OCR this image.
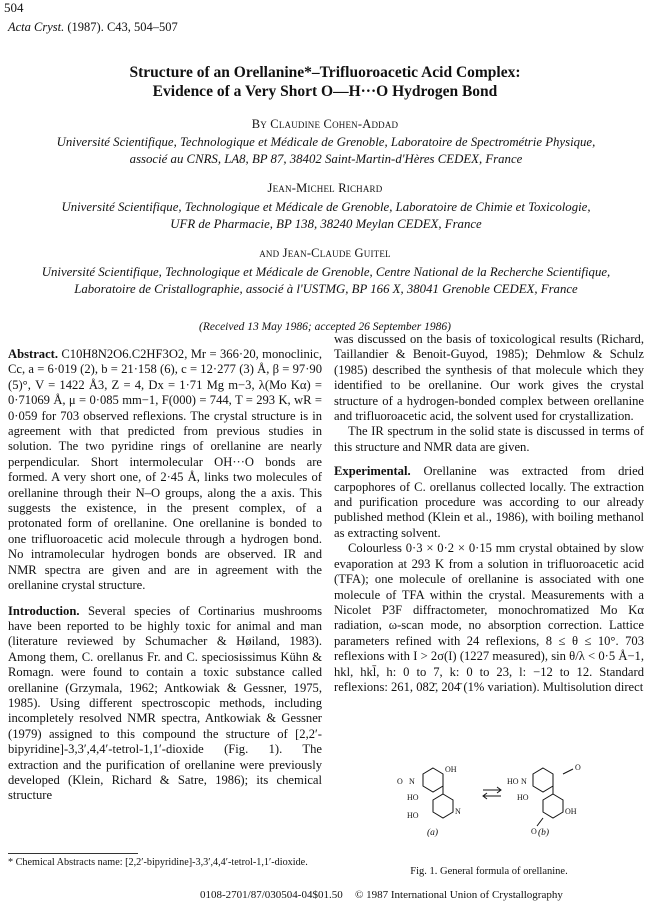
504
Acta Cryst. (1987). C43, 504–507
Structure of an Orellanine*–Trifluoroacetic Acid Complex:
Evidence of a Very Short O—H···O Hydrogen Bond
By Claudine Cohen-Addad
Université Scientifique, Technologique et Médicale de Grenoble, Laboratoire de Spectrométrie Physique,
associé au CNRS, LA8, BP 87, 38402 Saint-Martin-d'Hères CEDEX, France
Jean-Michel Richard
Université Scientifique, Technologique et Médicale de Grenoble, Laboratoire de Chimie et Toxicologie,
UFR de Pharmacie, BP 138, 38240 Meylan CEDEX, France
and Jean-Claude Guitel
Université Scientifique, Technologique et Médicale de Grenoble, Centre National de la Recherche Scientifique,
Laboratoire de Cristallographie, associé à l'USTMG, BP 166 X, 38041 Grenoble CEDEX, France
(Received 13 May 1986; accepted 26 September 1986)

Abstract. C10H8N2O6.C2HF3O2, Mr = 366·20, monoclinic, Cc, a = 6·019 (2), b = 21·158 (6), c = 12·277 (3) Å, β = 97·90 (5)°, V = 1422 Å3, Z = 4, Dx = 1·71 Mg m−3, λ(Mo Kα) = 0·71069 Å, μ = 0·085 mm−1, F(000) = 744, T = 293 K, wR = 0·059 for 703 observed reflexions. The crystal structure is in agreement with that predicted from previous studies in solution. The two pyridine rings of orellanine are nearly perpendicular. Short intermolecular OH···O bonds are formed. A very short one, of 2·45 Å, links two molecules of orellanine through their N–O groups, along the a axis. This suggests the existence, in the present complex, of a protonated form of orellanine. One orellanine is bonded to one trifluoroacetic acid molecule through a hydrogen bond. No intramolecular hydrogen bonds are observed. IR and NMR spectra are given and are in agreement with the orellanine crystal structure.

Introduction. Several species of Cortinarius mushrooms have been reported to be highly toxic for animal and man (literature reviewed by Schumacher & Høiland, 1983). Among them, C. orellanus Fr. and C. speciosissimus Kühn & Romagn. were found to contain a toxic substance called orellanine (Grzymala, 1962; Antkowiak & Gessner, 1975, 1985). Using different spectroscopic methods, including incompletely resolved NMR spectra, Antkowiak & Gessner (1979) assigned to this compound the structure of [2,2′-bipyridine]-3,3′,4,4′-tetrol-1,1′-dioxide (Fig. 1). The extraction and the purification of orellanine were previously developed (Klein, Richard & Satre, 1986); its chemical structure

was discussed on the basis of toxicological results (Richard, Taillandier & Benoit-Guyod, 1985); Dehmlow & Schulz (1985) described the synthesis of that molecule which they identified to be orellanine. Our work gives the crystal structure of a hydrogen-bonded complex between orellanine and trifluoroacetic acid, the solvent used for crystallization.

The IR spectrum in the solid state is discussed in terms of this structure and NMR data are given.

Experimental. Orellanine was extracted from dried carpophores of C. orellanus collected locally. The extraction and purification procedure was according to our already published method (Klein et al., 1986), with boiling methanol as extracting solvent.

Colourless 0·3 × 0·2 × 0·15 mm crystal obtained by slow evaporation at 293 K from a solution in trifluoroacetic acid (TFA); one molecule of orellanine is associated with one molecule of TFA within the crystal. Measurements with a Nicolet P3F diffractometer, monochromatized Mo Kα radiation, ω-scan mode, no absorption correction. Lattice parameters refined with 24 reflexions, 8 ≤ θ ≤ 10°. 703 reflexions with I > 2σ(I) (1227 measured), sin θ/λ < 0·5 Å−1, hkl, hkl̄, h: 0 to 7, k: 0 to 23, l: −12 to 12. Standard reflexions: 261, 082̄, 204̄ (1% variation). Multisolution direct

O N
OH
HO
HO	N
HO N
O
HO
OH
O
(a)	(b)
Fig. 1. General formula of orellanine.
* Chemical Abstracts name: [2,2′-bipyridine]-3,3′,4,4′-tetrol-1,1′-dioxide.
0108-2701/87/030504-04$01.50 © 1987 International Union of Crystallography
